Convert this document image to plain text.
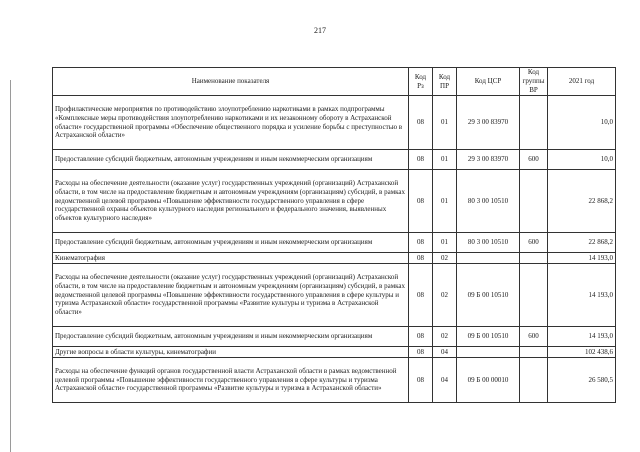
217
Наименование показателя	Код Рз	Код ПР	Код ЦСР	Код группы ВР	2021 год
Профилактические мероприятия по противодействию злоупотреблению наркотиками в рамках подпрограммы «Комплексные меры противодействия злоупотреблению наркотиками и их незаконному обороту в Астраханской области» государственной программы «Обеспечение общественного порядка и усиление борьбы с преступностью в Астраханской области»	08	01	29 3 00 83970		10,0
Предоставление субсидий бюджетным, автономным учреждениям и иным некоммерческим организациям	08	01	29 3 00 83970	600	10,0
Расходы на обеспечение деятельности (оказание услуг) государственных учреждений (организаций) Астраханской области, в том числе на предоставление бюджетным и автономным учреждениям (организациям) субсидий, в рамках ведомственной целевой программы «Повышение эффективности государственного управления в сфере государственной охраны объектов культурного наследия регионального и федерального значения, выявленных объектов культурного наследия»	08	01	80 3 00 10510		22 868,2
Предоставление субсидий бюджетным, автономным учреждениям и иным некоммерческим организациям	08	01	80 3 00 10510	600	22 868,2
Кинематография	08	02			14 193,0
Расходы на обеспечение деятельности (оказание услуг) государственных учреждений (организаций) Астраханской области, в том числе на предоставление бюджетным и автономным учреждениям (организациям) субсидий, в рамках ведомственной целевой программы «Повышение эффективности государственного управления в сфере культуры и туризма Астраханской области» государственной программы «Развитие культуры и туризма в Астраханской области»	08	02	09 Б 00 10510		14 193,0
Предоставление субсидий бюджетным, автономным учреждениям и иным некоммерческим организациям	08	02	09 Б 00 10510	600	14 193,0
Другие вопросы в области культуры, кинематографии	08	04			102 438,6
Расходы на обеспечение функций органов государственной власти Астраханской области в рамках ведомственной целевой программы «Повышение эффективности государственного управления в сфере культуры и туризма Астраханской области» государственной программы «Развитие культуры и туризма в Астраханской области»	08	04	09 Б 00 00010		26 580,5
